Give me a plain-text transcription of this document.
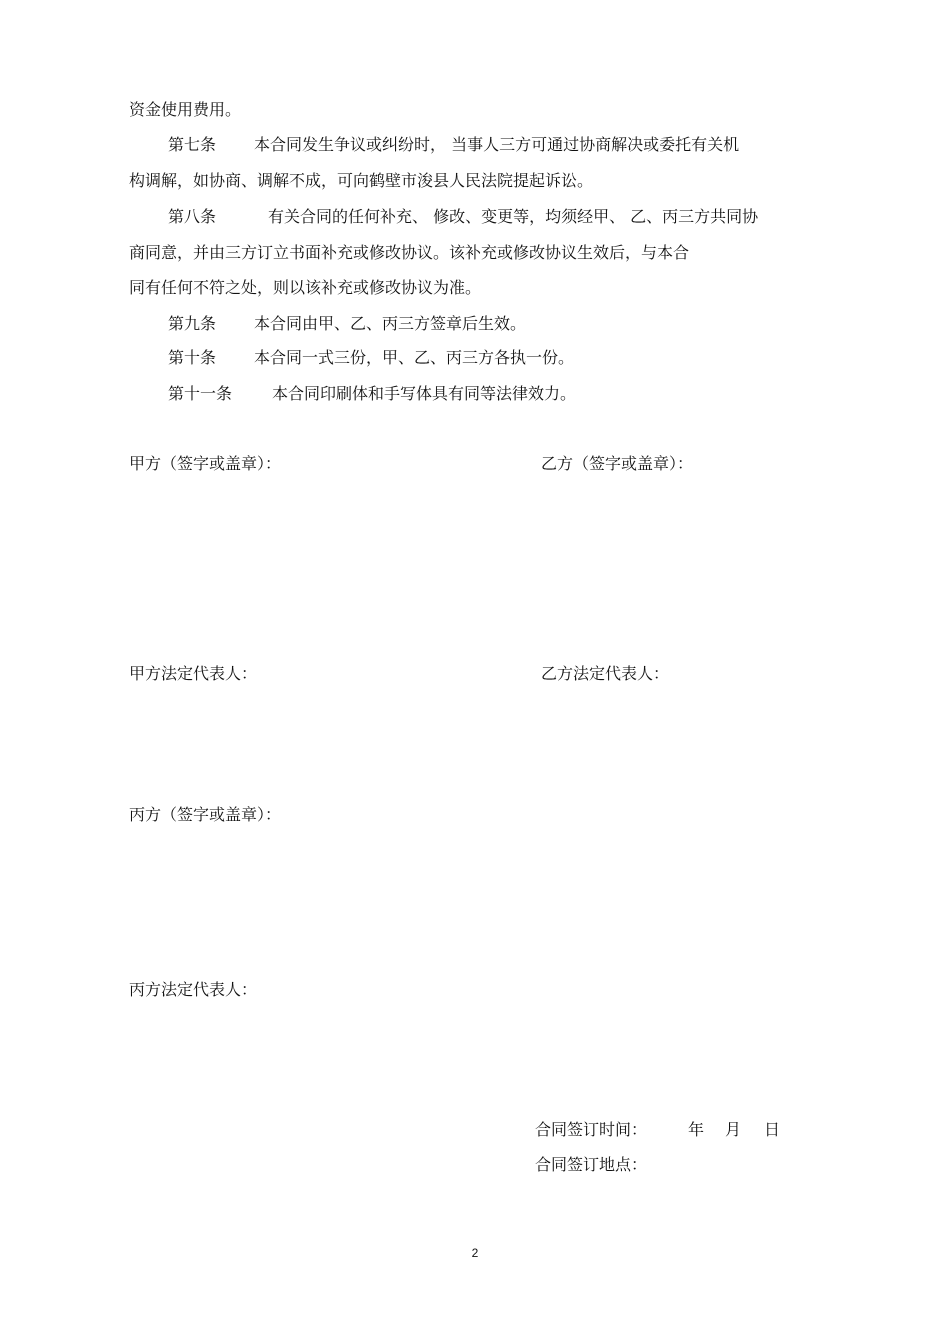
资金使用费用。
第七条 本合同发生争议或纠纷时， 当事人三方可通过协商解决或委托有关机
构调解，如协商、调解不成，可向鹤壁市浚县人民法院提起诉讼。
第八条	有关合同的任何补充、 修改、变更等，均须经甲、 乙、丙三方共同协
商同意，并由三方订立书面补充或修改协议。该补充或修改协议生效后，与本合
同有任何不符之处，则以该补充或修改协议为准。
第九条 本合同由甲、乙、丙三方签章后生效。
第十条 本合同一式三份，甲、乙、丙三方各执一份。
第十一条 本合同印刷体和手写体具有同等法律效力。
甲方（签字或盖章）：	乙方（签字或盖章）：
甲方法定代表人：	乙方法定代表人：
丙方（签字或盖章）：
丙方法定代表人：
合同签订时间：	年 月 日
合同签订地点：
2
